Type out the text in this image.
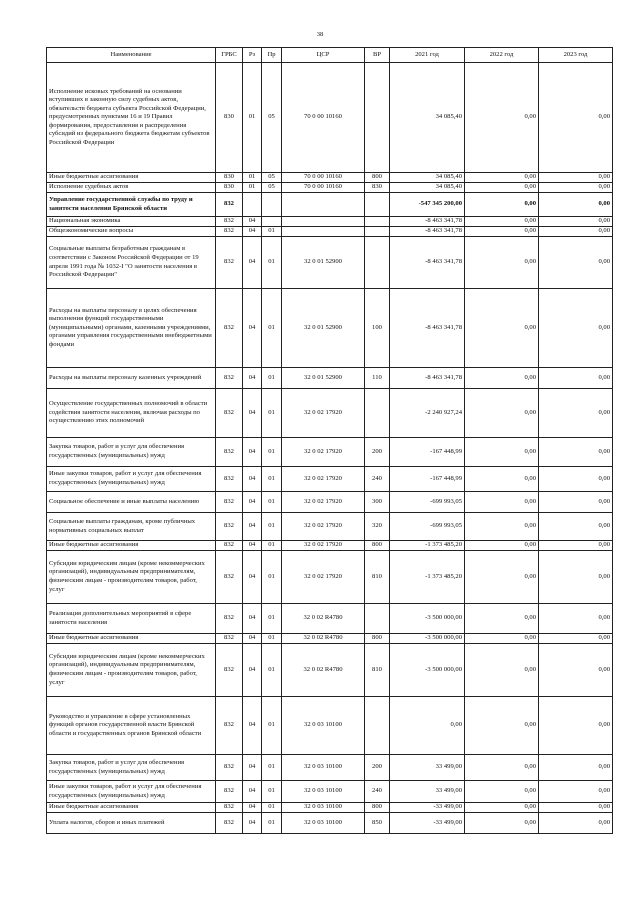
38
Наименование	ГРБС	Рз	Пр	ЦСР	ВР	2021 год	2022 год	2023 год
Исполнение исковых требований на основании вступивших в законную силу судебных актов, обязательств бюджета субъекта Российской Федерации, предусмотренных пунктами 16 и 19 Правил формирования, предоставления и распределения субсидий из федерального бюджета бюджетам субъектов Российской Федерации	830	01	05	70 0 00 10160		34 085,40	0,00	0,00
Иные бюджетные ассигнования	830	01	05	70 0 00 10160	800	34 085,40	0,00	0,00
Исполнение судебных актов	830	01	05	70 0 00 10160	830	34 085,40	0,00	0,00
Управление государственной службы по труду и занятости населения Брянской области	832					-547 345 200,00	0,00	0,00
Национальная экономика	832	04				-8 463 341,78	0,00	0,00
Общеэкономические вопросы	832	04	01			-8 463 341,78	0,00	0,00
Социальные выплаты безработным гражданам в соответствии с Законом Российской Федерации от 19 апреля 1991 года № 1032-I "О занятости населения в Российской Федерации"	832	04	01	32 0 01 52900		-8 463 341,78	0,00	0,00
Расходы на выплаты персоналу в целях обеспечения выполнения функций государственными (муниципальными) органами, казенными учреждениями, органами управления государственными внебюджетными фондами	832	04	01	32 0 01 52900	100	-8 463 341,78	0,00	0,00
Расходы на выплаты персоналу казенных учреждений	832	04	01	32 0 01 52900	110	-8 463 341,78	0,00	0,00
Осуществление государственных полномочий в области содействия занятости населения, включая расходы по осуществлению этих полномочий	832	04	01	32 0 02 17920		-2 240 927,24	0,00	0,00
Закупка товаров, работ и услуг для обеспечения государственных (муниципальных) нужд	832	04	01	32 0 02 17920	200	-167 448,99	0,00	0,00
Иные закупки товаров, работ и услуг для обеспечения государственных (муниципальных) нужд	832	04	01	32 0 02 17920	240	-167 448,99	0,00	0,00
Социальное обеспечение и иные выплаты населению	832	04	01	32 0 02 17920	300	-699 993,05	0,00	0,00
Социальные выплаты гражданам, кроме публичных нормативных социальных выплат	832	04	01	32 0 02 17920	320	-699 993,05	0,00	0,00
Иные бюджетные ассигнования	832	04	01	32 0 02 17920	800	-1 373 485,20	0,00	0,00
Субсидии юридическим лицам (кроме некоммерческих организаций), индивидуальным предпринимателям, физическим лицам - производителям товаров, работ, услуг	832	04	01	32 0 02 17920	810	-1 373 485,20	0,00	0,00
Реализация дополнительных мероприятий в сфере занятости населения	832	04	01	32 0 02 R4780		-3 500 000,00	0,00	0,00
Иные бюджетные ассигнования	832	04	01	32 0 02 R4780	800	-3 500 000,00	0,00	0,00
Субсидии юридическим лицам (кроме некоммерческих организаций), индивидуальным предпринимателям, физическим лицам - производителям товаров, работ, услуг	832	04	01	32 0 02 R4780	810	-3 500 000,00	0,00	0,00
Руководство и управление в сфере установленных функций органов государственной власти Брянской области и государственных органов Брянской области	832	04	01	32 0 03 10100		0,00	0,00	0,00
Закупка товаров, работ и услуг для обеспечения государственных (муниципальных) нужд	832	04	01	32 0 03 10100	200	33 499,00	0,00	0,00
Иные закупки товаров, работ и услуг для обеспечения государственных (муниципальных) нужд	832	04	01	32 0 03 10100	240	33 499,00	0,00	0,00
Иные бюджетные ассигнования	832	04	01	32 0 03 10100	800	-33 499,00	0,00	0,00
Уплата налогов, сборов и иных платежей	832	04	01	32 0 03 10100	850	-33 499,00	0,00	0,00
